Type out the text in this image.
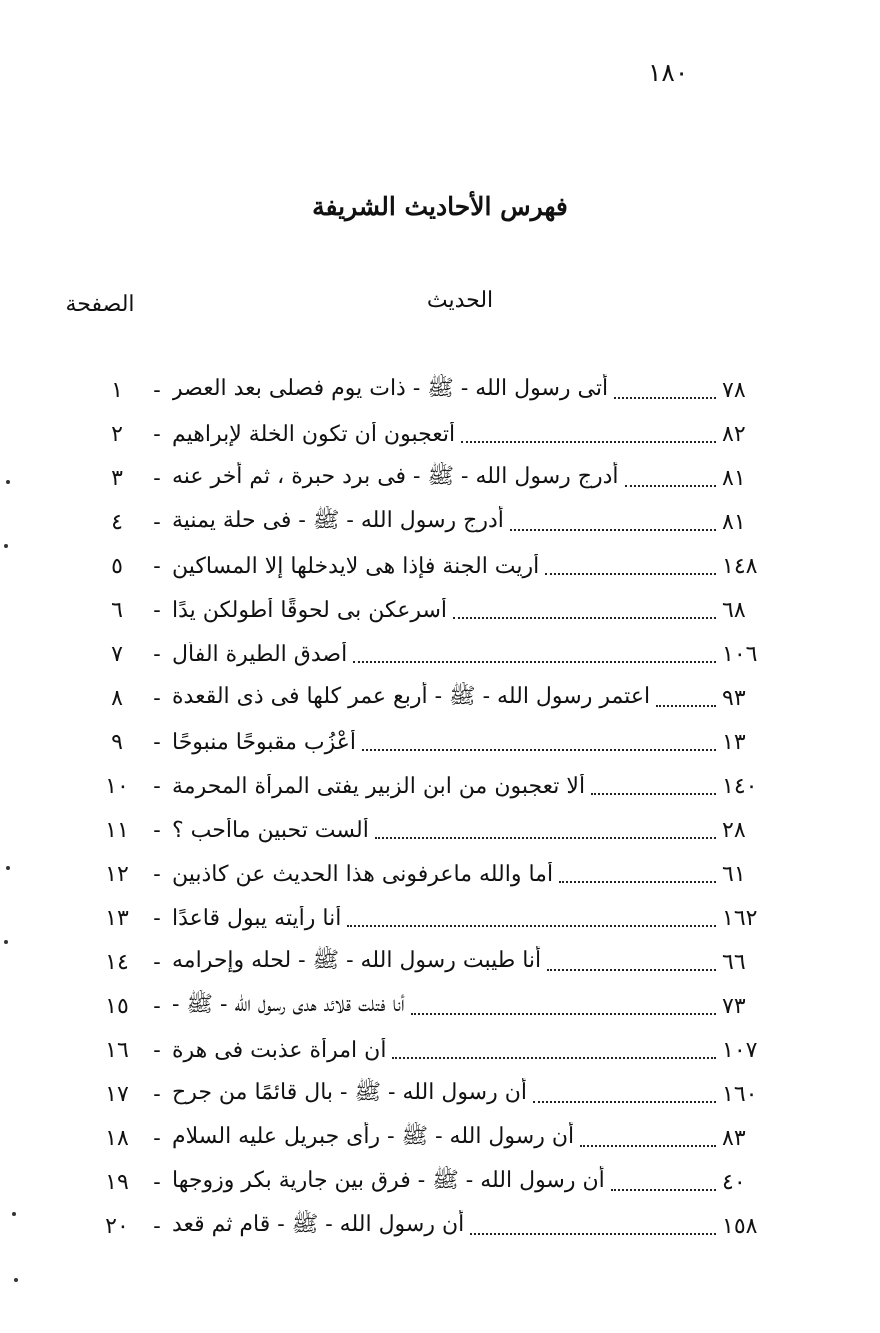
١٨٠
فهرس الأحاديث الشريفة
الحديث
الصفحة
١	- أتى رسول الله - ﷺ - ذات يوم فصلى بعد العصر	٧٨
٢	- أتعجبون أن تكون الخلة لإبراهيم	٨٢
٣	- أدرج رسول الله - ﷺ - فى برد حبرة ، ثم أخر عنه	٨١
٤	- أدرج رسول الله - ﷺ - فى حلة يمنية	٨١
٥	- أريت الجنة فإذا هى لايدخلها إلا المساكين	١٤٨
٦	- أسرعكن بى لحوقًا أطولكن يدًا	٦٨
٧	- أصدق الطيرة الفأل	١٠٦
٨	- اعتمر رسول الله - ﷺ - أربع عمر كلها فى ذى القعدة	٩٣
٩	- أُعْزُب مقبوحًا منبوحًا	١٣
١٠	- ألا تعجبون من ابن الزبير يفتى المرأة المحرمة	١٤٠
١١	- ألست تحبين ماأحب ؟	٢٨
١٢	- أما والله ماعرفونى هذا الحديث عن كاذبين	٦١
١٣	- أنا رأيته يبول قاعدًا	١٦٢
١٤	- أنا طيبت رسول الله - ﷺ - لحله وإحرامه	٦٦
١٥	- أنا فتلت قلائد هدى رسول الله - ﷺ -	٧٣
١٦	- أن امرأة عذبت فى هرة	١٠٧
١٧	- أن رسول الله - ﷺ - بال قائمًا من جرح	١٦٠
١٨	- أن رسول الله - ﷺ - رأى جبريل عليه السلام	٨٣
١٩	- أن رسول الله - ﷺ - فرق بين جارية بكر وزوجها	٤٠
٢٠	- أن رسول الله - ﷺ - قام ثم قعد	١٥٨
